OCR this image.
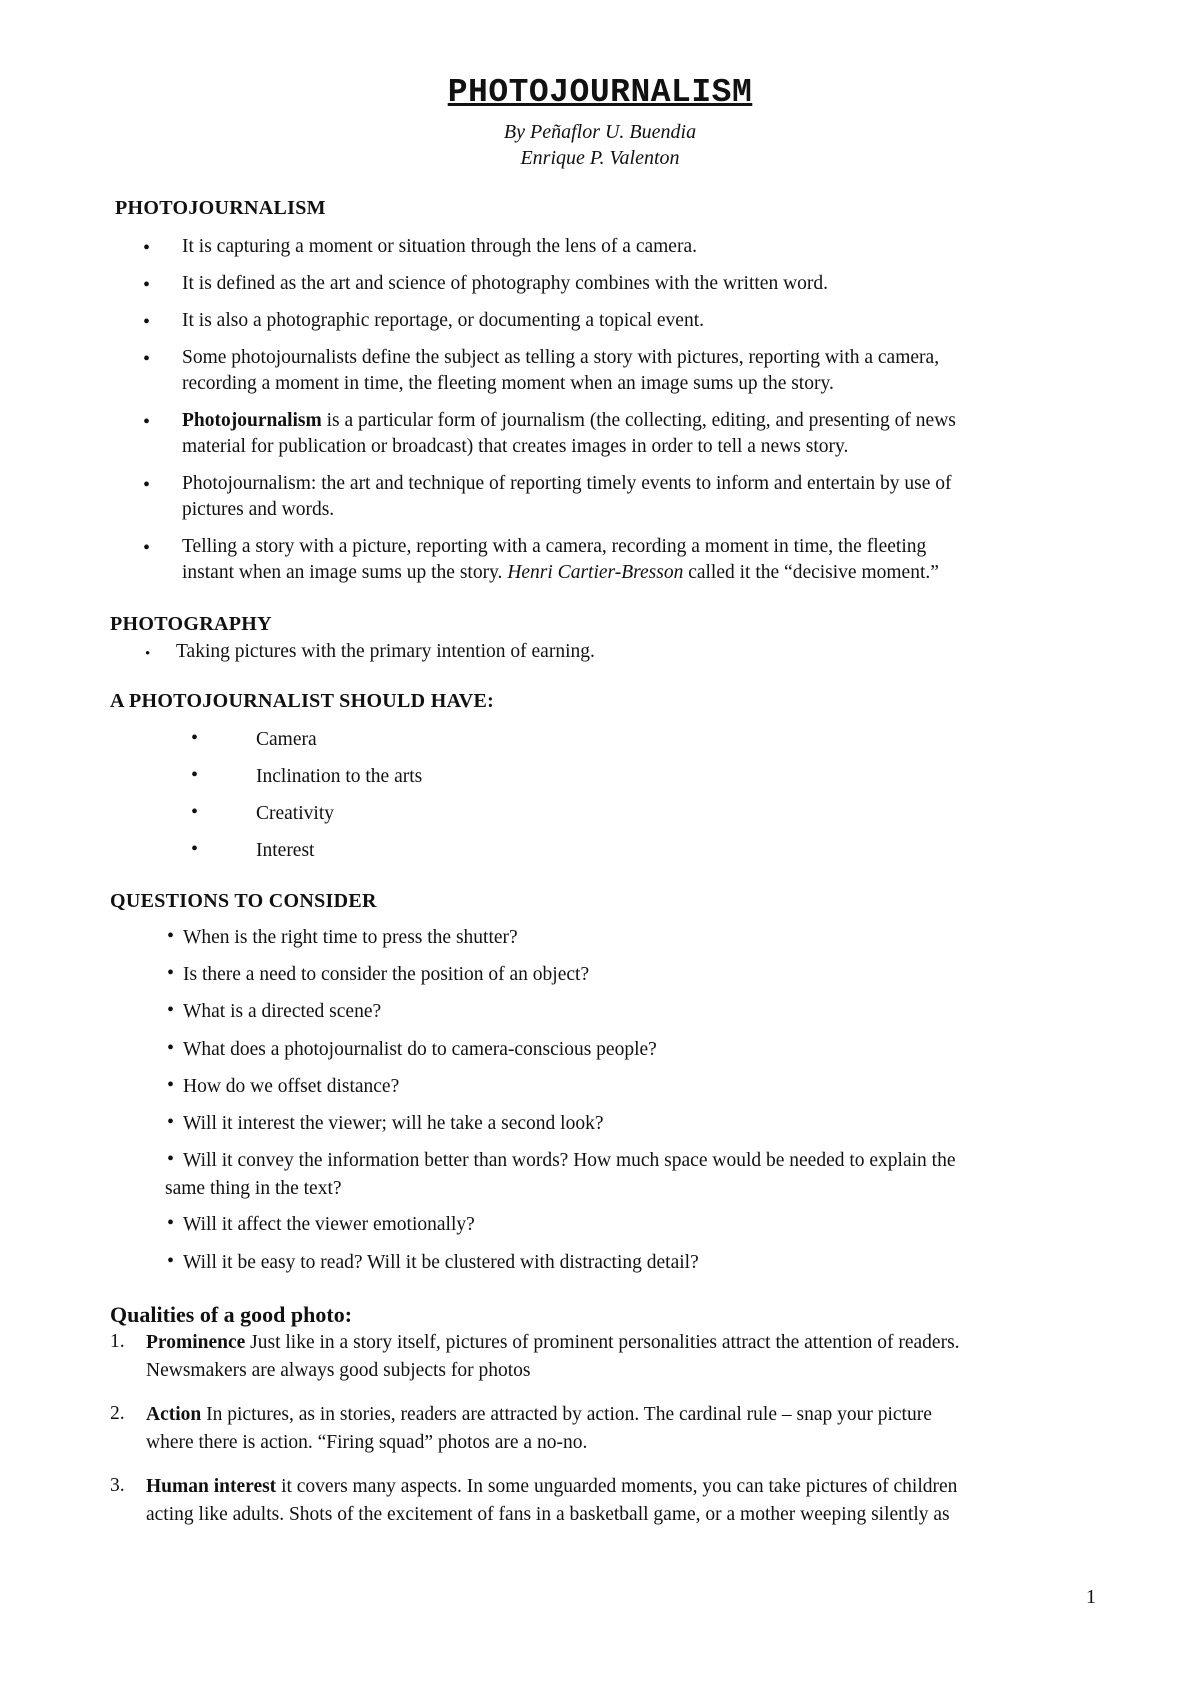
PHOTOJOURNALISM
By Peñaflor U. Buendia
Enrique P. Valenton
PHOTOJOURNALISM
• It is capturing a moment or situation through the lens of a camera.
• It is defined as the art and science of photography combines with the written word.
• It is also a photographic reportage, or documenting a topical event.
• Some photojournalists define the subject as telling a story with pictures, reporting with a camera,
recording a moment in time, the fleeting moment when an image sums up the story.
• Photojournalism is a particular form of journalism (the collecting, editing, and presenting of news
material for publication or broadcast) that creates images in order to tell a news story.
• Photojournalism: the art and technique of reporting timely events to inform and entertain by use of
pictures and words.
• Telling a story with a picture, reporting with a camera, recording a moment in time, the fleeting
instant when an image sums up the story. Henri Cartier-Bresson called it the “decisive moment.”
PHOTOGRAPHY
• Taking pictures with the primary intention of earning.
A PHOTOJOURNALIST SHOULD HAVE:
•	Camera
•	Inclination to the arts
•	Creativity
•	Interest
QUESTIONS TO CONSIDER
• When is the right time to press the shutter?
• Is there a need to consider the position of an object?
• What is a directed scene?
• What does a photojournalist do to camera-conscious people?
• How do we offset distance?
• Will it interest the viewer; will he take a second look?
• Will it convey the information better than words? How much space would be needed to explain the
same thing in the text?
• Will it affect the viewer emotionally?
• Will it be easy to read? Will it be clustered with distracting detail?
Qualities of a good photo:
1. Prominence Just like in a story itself, pictures of prominent personalities attract the attention of readers.
Newsmakers are always good subjects for photos
2. Action In pictures, as in stories, readers are attracted by action. The cardinal rule – snap your picture
where there is action. “Firing squad” photos are a no-no.
3. Human interest it covers many aspects. In some unguarded moments, you can take pictures of children
acting like adults. Shots of the excitement of fans in a basketball game, or a mother weeping silently as
1
